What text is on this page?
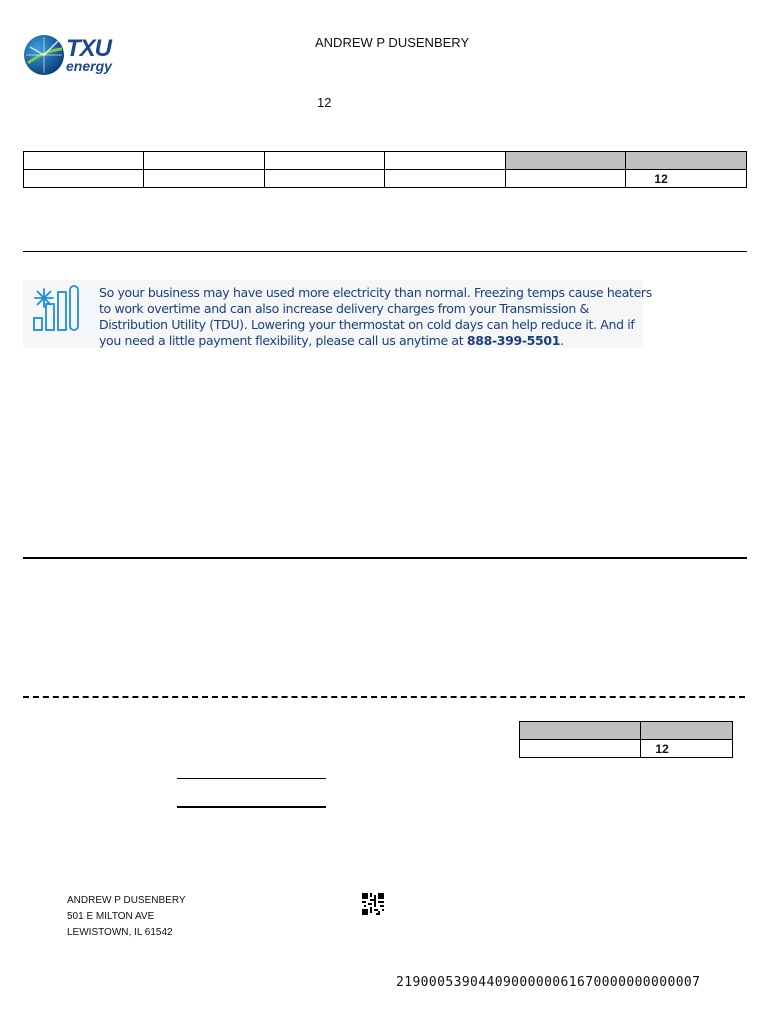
TXU
energy
ANDREW P DUSENBERY
12

					12
So your business may have used more electricity than normal. Freezing temps cause heaters to work overtime and can also increase delivery charges from your Transmission & Distribution Utility (TDU). Lowering your thermostat on cold days can help reduce it. And if you need a little payment flexibility, please call us anytime at 888-399-5501.

	12
ANDREW P DUSENBERY
501 E MILTON AVE
LEWISTOWN, IL 61542
2190005390440900000061670000000000007
